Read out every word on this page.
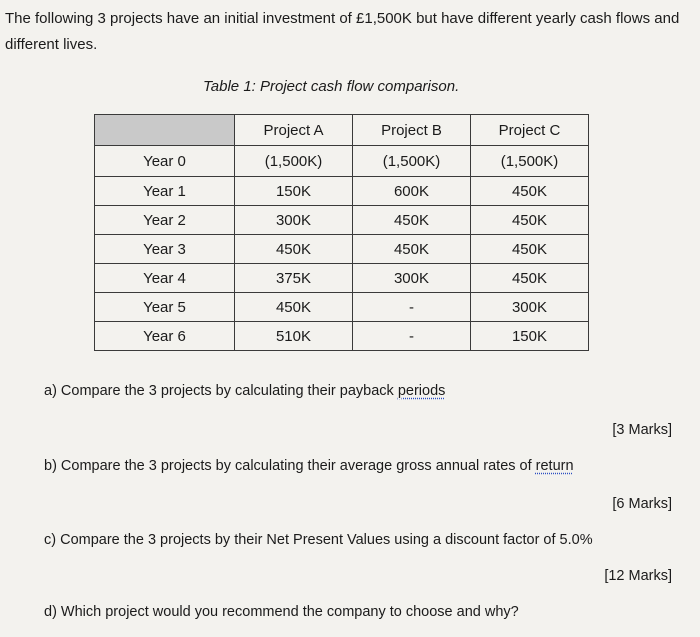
The following 3 projects have an initial investment of £1,500K but have different yearly cash flows and different lives.
Table 1: Project cash flow comparison.
	Project A	Project B	Project C
Year 0	(1,500K)	(1,500K)	(1,500K)
Year 1	150K	600K	450K
Year 2	300K	450K	450K
Year 3	450K	450K	450K
Year 4	375K	300K	450K
Year 5	450K	-	300K
Year 6	510K	-	150K
a) Compare the 3 projects by calculating their payback periods
[3 Marks]
b) Compare the 3 projects by calculating their average gross annual rates of return
[6 Marks]
c) Compare the 3 projects by their Net Present Values using a discount factor of 5.0%
[12 Marks]
d) Which project would you recommend the company to choose and why?
